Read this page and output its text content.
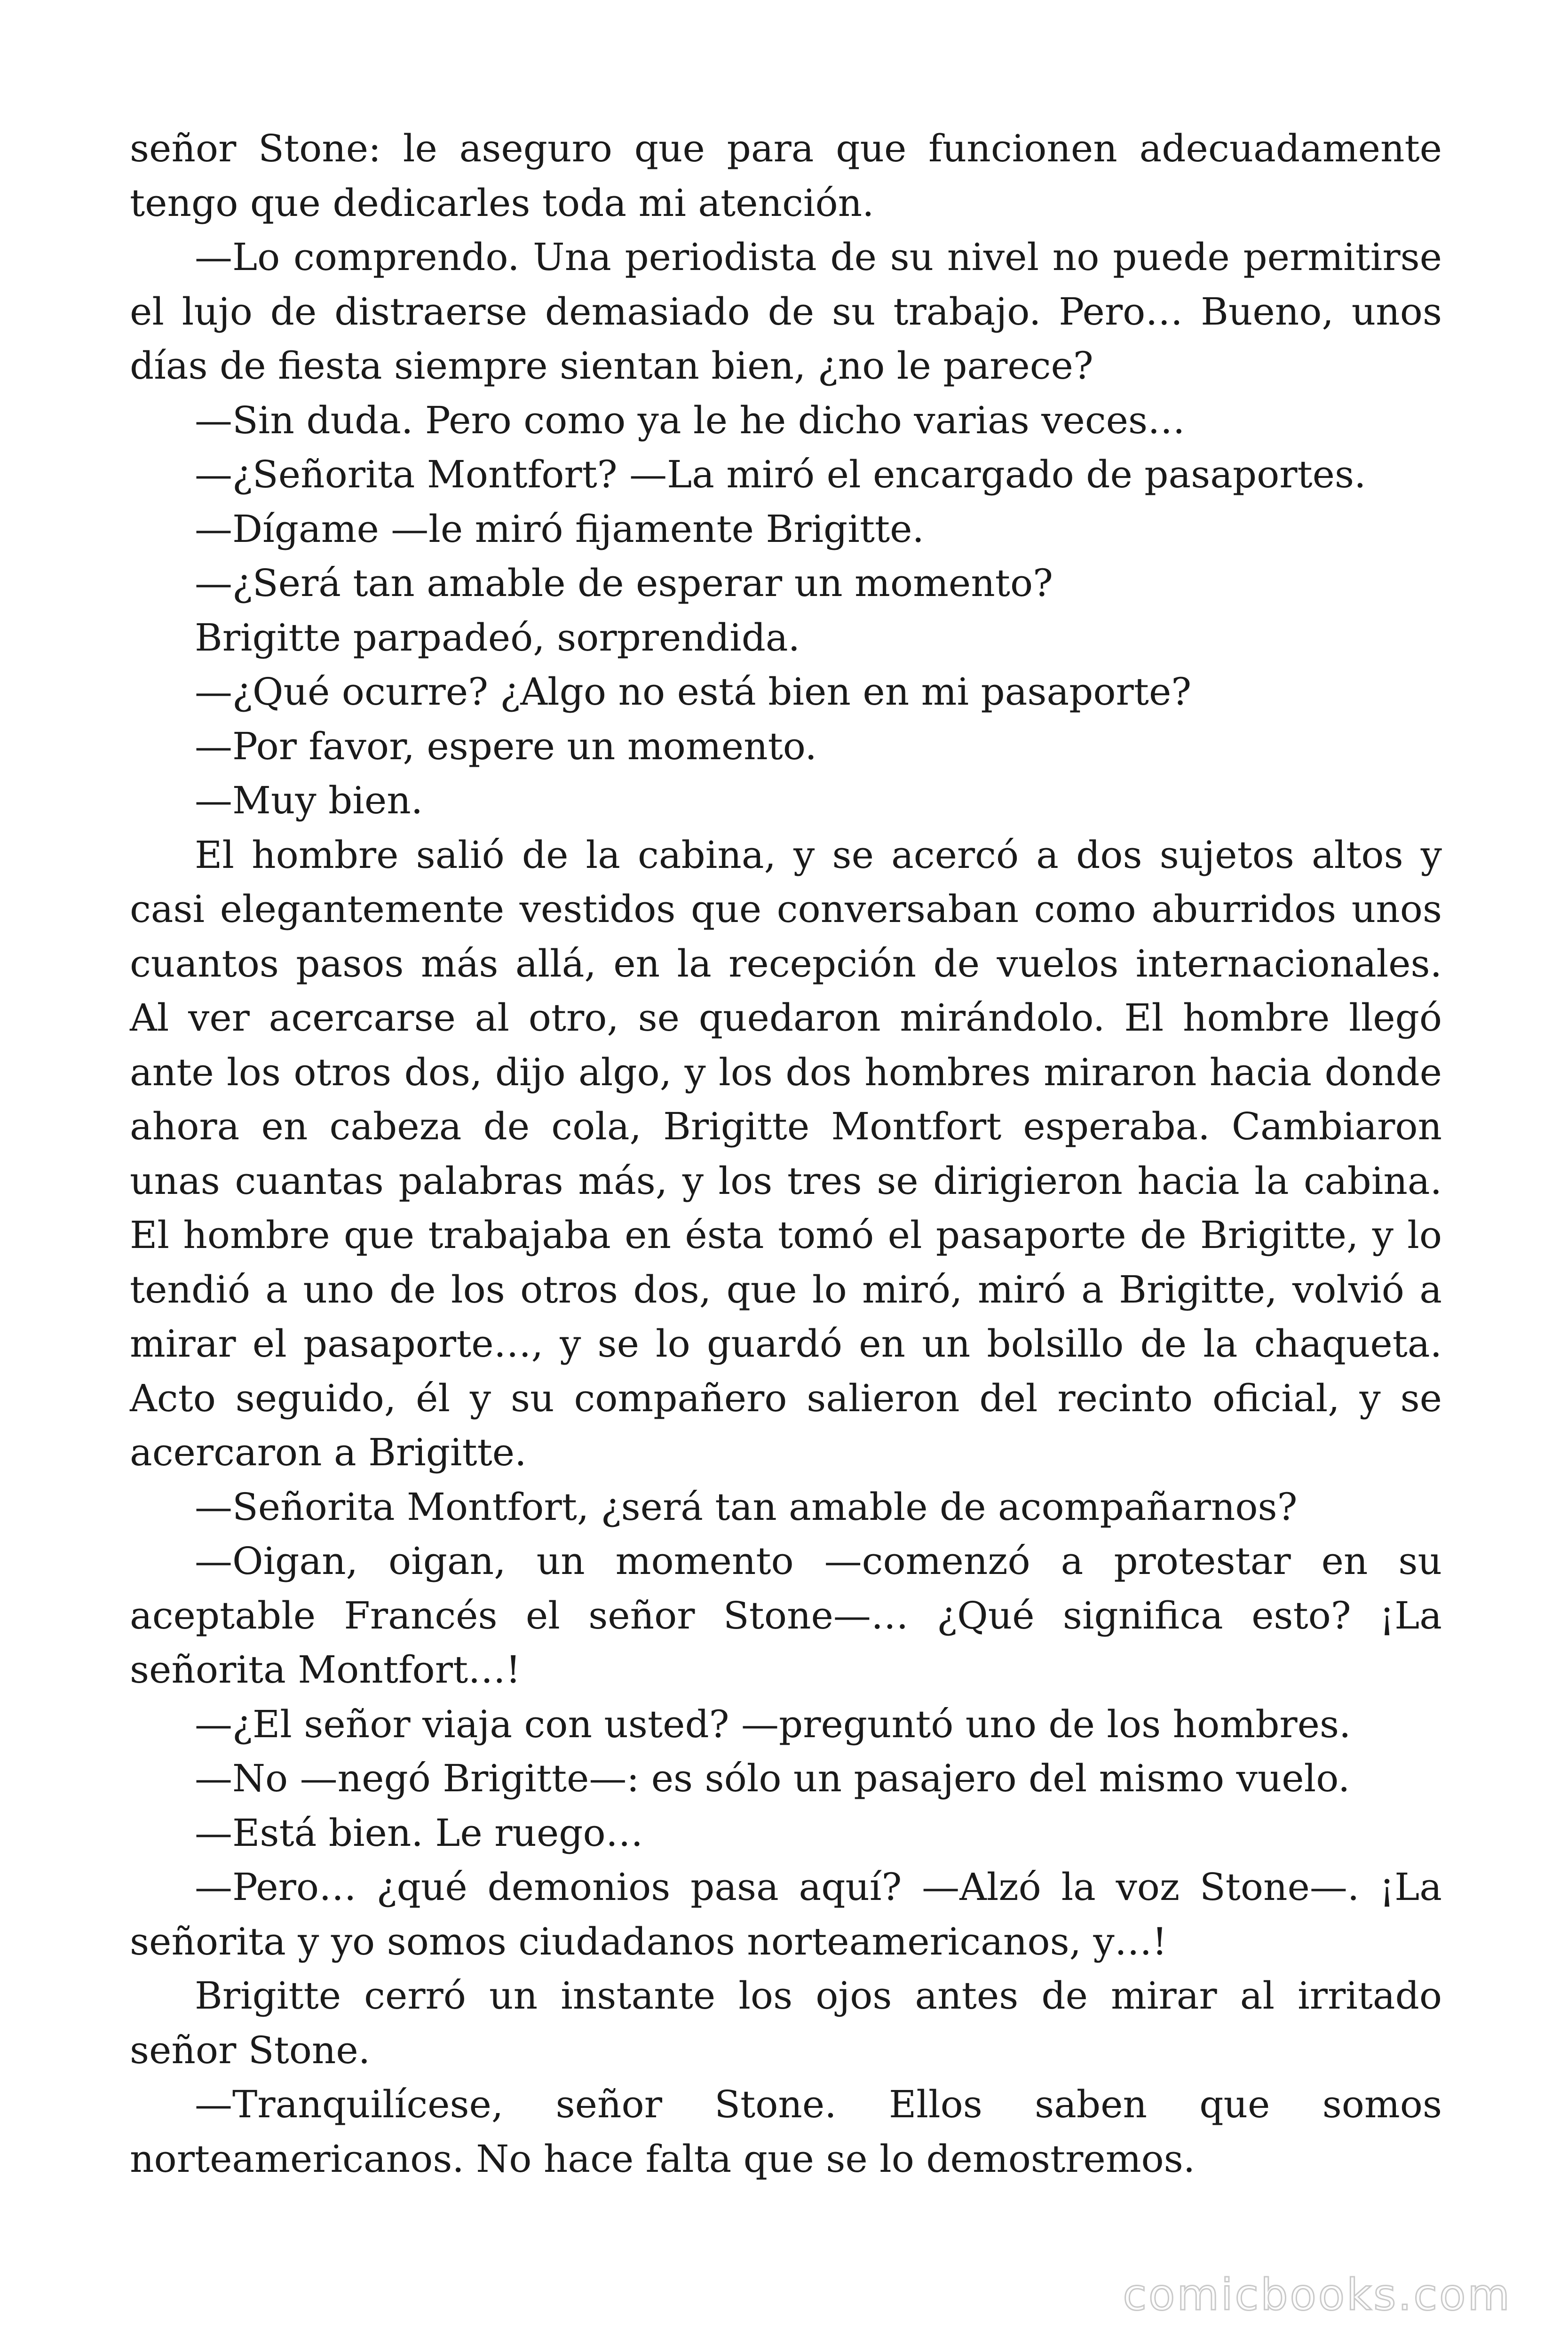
señor Stone: le aseguro que para que funcionen adecuadamente tengo que dedicarles toda mi atención.

—Lo comprendo. Una periodista de su nivel no puede permitirse el lujo de distraerse demasiado de su trabajo. Pero… Bueno, unos días de fiesta siempre sientan bien, ¿no le parece?

—Sin duda. Pero como ya le he dicho varias veces…

—¿Señorita Montfort? —La miró el encargado de pasaportes.

—Dígame —le miró fijamente Brigitte.

—¿Será tan amable de esperar un momento?

Brigitte parpadeó, sorprendida.

—¿Qué ocurre? ¿Algo no está bien en mi pasaporte?

—Por favor, espere un momento.

—Muy bien.

El hombre salió de la cabina, y se acercó a dos sujetos altos y casi elegantemente vestidos que conversaban como aburridos unos cuantos pasos más allá, en la recepción de vuelos internacionales. Al ver acercarse al otro, se quedaron mirándolo. El hombre llegó ante los otros dos, dijo algo, y los dos hombres miraron hacia donde ahora en cabeza de cola, Brigitte Montfort esperaba. Cambiaron unas cuantas palabras más, y los tres se dirigieron hacia la cabina. El hombre que trabajaba en ésta tomó el pasaporte de Brigitte, y lo tendió a uno de los otros dos, que lo miró, miró a Brigitte, volvió a mirar el pasaporte…, y se lo guardó en un bolsillo de la chaqueta. Acto seguido, él y su compañero salieron del recinto oficial, y se acercaron a Brigitte.

—Señorita Montfort, ¿será tan amable de acompañarnos?

—Oigan, oigan, un momento —comenzó a protestar en su aceptable Francés el señor Stone—… ¿Qué significa esto? ¡La señorita Montfort…!

—¿El señor viaja con usted? —preguntó uno de los hombres.

—No —negó Brigitte—: es sólo un pasajero del mismo vuelo.

—Está bien. Le ruego…

—Pero… ¿qué demonios pasa aquí? —Alzó la voz Stone—. ¡La señorita y yo somos ciudadanos norteamericanos, y…!

Brigitte cerró un instante los ojos antes de mirar al irritado señor Stone.

—Tranquilícese, señor Stone. Ellos saben que somos norteamericanos. No hace falta que se lo demostremos.

comicbooks.com
